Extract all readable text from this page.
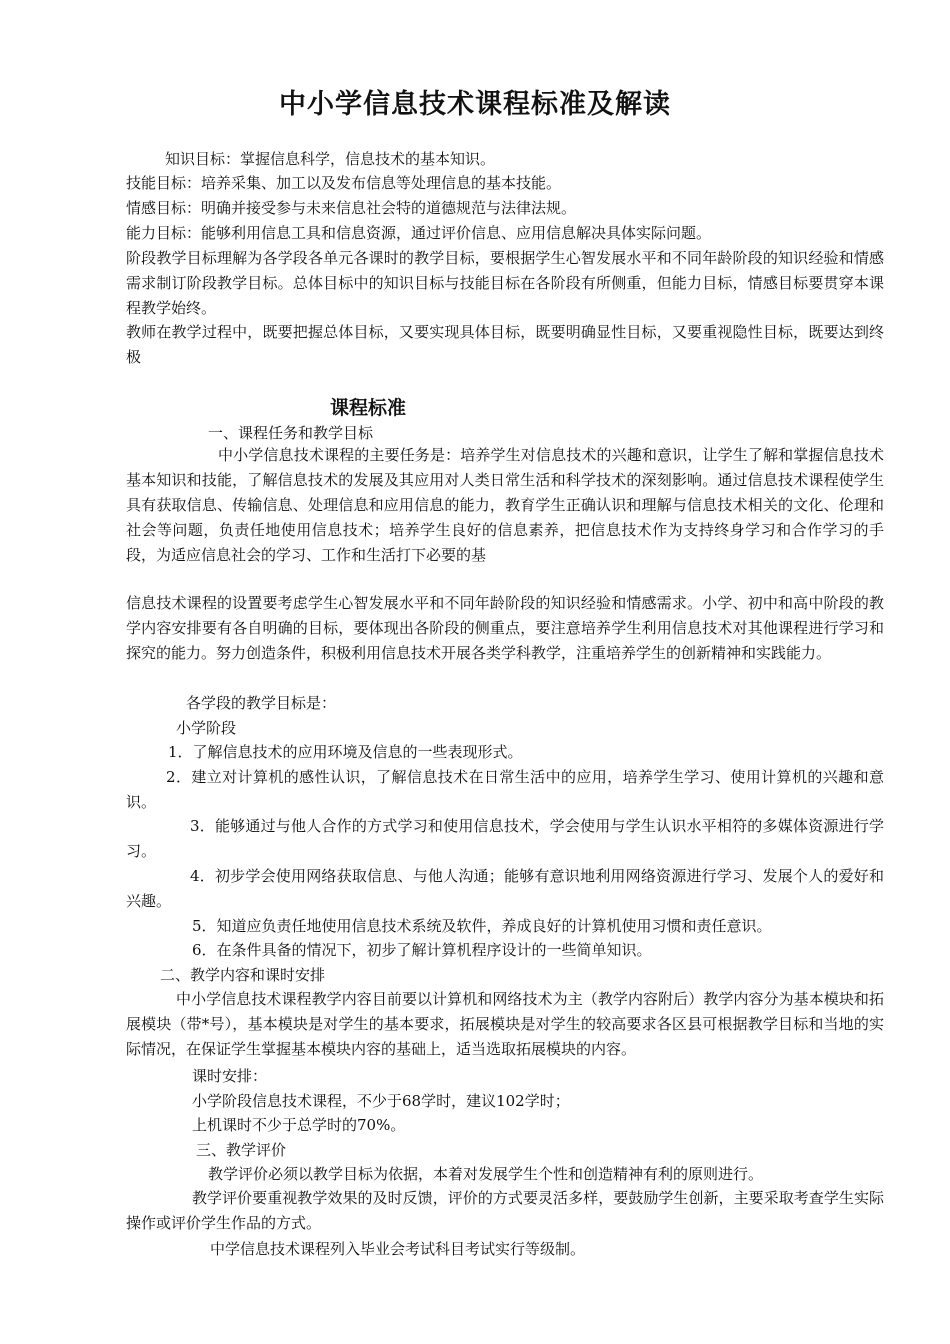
中小学信息技术课程标准及解读
知识目标：掌握信息科学，信息技术的基本知识。
技能目标：培养采集、加工以及发布信息等处理信息的基本技能。
情感目标：明确并接受参与未来信息社会特的道德规范与法律法规。
能力目标：能够利用信息工具和信息资源，通过评价信息、应用信息解决具体实际问题。
阶段教学目标理解为各学段各单元各课时的教学目标，要根据学生心智发展水平和不同年龄阶段的知识经验和情感需求制订阶段教学目标。总体目标中的知识目标与技能目标在各阶段有所侧重，但能力目标，情感目标要贯穿本课程教学始终。
教师在教学过程中，既要把握总体目标，又要实现具体目标，既要明确显性目标，又要重视隐性目标，既要达到终极
课程标准
一、课程任务和教学目标
中小学信息技术课程的主要任务是：培养学生对信息技术的兴趣和意识，让学生了解和掌握信息技术基本知识和技能，了解信息技术的发展及其应用对人类日常生活和科学技术的深刻影响。通过信息技术课程使学生具有获取信息、传输信息、处理信息和应用信息的能力，教育学生正确认识和理解与信息技术相关的文化、伦理和社会等问题，负责任地使用信息技术；培养学生良好的信息素养，把信息技术作为支持终身学习和合作学习的手段，为适应信息社会的学习、工作和生活打下必要的基
信息技术课程的设置要考虑学生心智发展水平和不同年龄阶段的知识经验和情感需求。小学、初中和高中阶段的教学内容安排要有各自明确的目标，要体现出各阶段的侧重点，要注意培养学生利用信息技术对其他课程进行学习和探究的能力。努力创造条件，积极利用信息技术开展各类学科教学，注重培养学生的创新精神和实践能力。
各学段的教学目标是：
小学阶段
1．了解信息技术的应用环境及信息的一些表现形式。
2．建立对计算机的感性认识，了解信息技术在日常生活中的应用，培养学生学习、使用计算机的兴趣和意识。
3．能够通过与他人合作的方式学习和使用信息技术，学会使用与学生认识水平相符的多媒体资源进行学习。
4．初步学会使用网络获取信息、与他人沟通；能够有意识地利用网络资源进行学习、发展个人的爱好和兴趣。
5．知道应负责任地使用信息技术系统及软件，养成良好的计算机使用习惯和责任意识。
6．在条件具备的情况下，初步了解计算机程序设计的一些简单知识。
二、教学内容和课时安排
中小学信息技术课程教学内容目前要以计算机和网络技术为主（教学内容附后）教学内容分为基本模块和拓展模块（带*号），基本模块是对学生的基本要求，拓展模块是对学生的较高要求各区县可根据教学目标和当地的实际情况，在保证学生掌握基本模块内容的基础上，适当选取拓展模块的内容。
课时安排：
小学阶段信息技术课程，不少于68学时，建议102学时；
上机课时不少于总学时的70%。
三、教学评价
教学评价必须以教学目标为依据，本着对发展学生个性和创造精神有利的原则进行。
教学评价要重视教学效果的及时反馈，评价的方式要灵活多样，要鼓励学生创新，主要采取考查学生实际操作或评价学生作品的方式。
中学信息技术课程列入毕业会考试科目考试实行等级制。
